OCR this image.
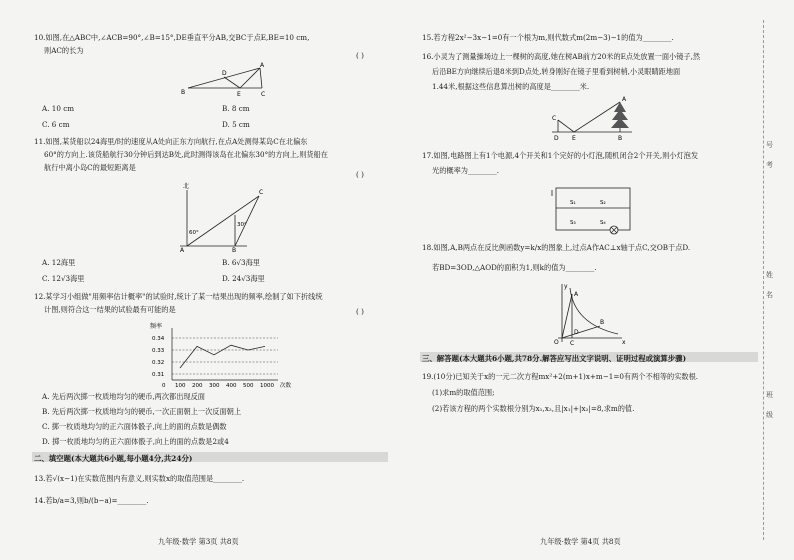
10.如图,在△ABC中,∠ACB=90°,∠B=15°,DE垂直平分AB,交BC于点E,BE=10 cm,
则AC的长为
( )
B
A
C
D
E
A. 10 cm	B. 8 cm
C. 6 cm	D. 5 cm
11.如图,某货船以24海里/时的速度从A处向正东方向航行,在点A处测得某岛C在北偏东
60°的方向上.该货船航行30分钟后到达B处,此时测得该岛在北偏东30°的方向上,则货船在
航行中离小岛C的最短距离是
( )
北
C
A	B
60°
30°
A. 12海里	B. 6√3海里
C. 12√3海里	D. 24√3海里
12.某学习小组做"用频率估计概率"的试验时,统计了某一结果出现的频率,绘制了如下折线统
计图,则符合这一结果的试验最有可能的是	( )
频率
0.34
0.33
0.32
0.31
100 200 300 400 500 1000
0	次数
A. 先后两次掷一枚质地均匀的硬币,两次都出现反面
B. 先后两次掷一枚质地均匀的硬币,一次正面朝上一次反面朝上
C. 掷一枚质地均匀的正六面体骰子,向上的面的点数是偶数
D. 掷一枚质地均匀的正六面体骰子,向上的面的点数是2或4
二、填空题(本大题共6小题,每小题4分,共24分)
13.若√(x−1)在实数范围内有意义,则实数x的取值范围是________.
14.若b/a=3,则b/(b−a)=________.
九年级·数学 第3页 共8页
15.若方程2x²−3x−1=0有一个根为m,则代数式m(2m−3)−1的值为________.
16.小灵为了测量操场边上一棵树的高度,她在树AB前方20米的E点处放置一面小镜子,然
后沿BE方向继续后退8米到D点处,转身刚好在镜子里看到树梢,小灵眼睛距地面
1.44米,根据这些信息算出树的高度是________米.
C
D E	B
A
17.如图,电路图上有1个电源,4个开关和1个完好的小灯泡,随机闭合2个开关,则小灯泡发
光的概率为________.
S₁	S₂
S₃	S₄
18.如图,A,B两点在反比例函数y=k/x的图象上,过点A作AC⊥x轴于点C,交OB于点D.
若BD=3OD,△AOD的面积为1,则k的值为________.
y
x
O
A
B
C
D
三、解答题(本大题共6小题,共78分.解答应写出文字说明、证明过程或演算步骤)
19.(10分)已知关于x的一元二次方程mx²+2(m+1)x+m−1=0有两个不相等的实数根.
(1)求m的取值范围;
(2)若该方程的两个实数根分别为x₁,x₂,且|x₁|+|x₂|=8,求m的值.
九年级·数学 第4页 共8页
号
考
姓
名
班
级
